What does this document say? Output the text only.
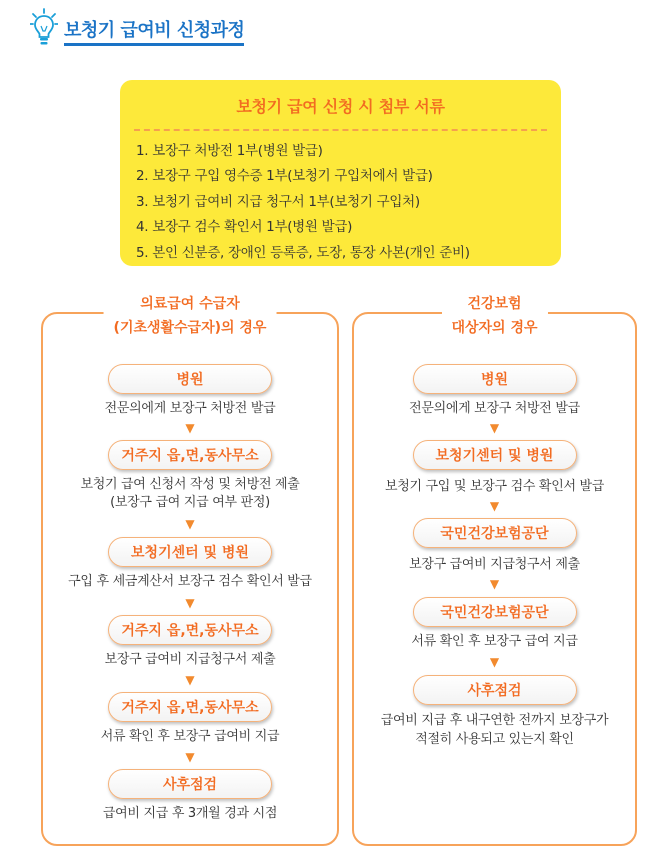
보청기 급여비 신청과정
보청기 급여 신청 시 첨부 서류
1. 보장구 처방전 1부(병원 발급)
2. 보장구 구입 영수증 1부(보청기 구입처에서 발급)
3. 보청기 급여비 지급 청구서 1부(보청기 구입처)
4. 보장구 검수 확인서 1부(병원 발급)
5. 본인 신분증, 장애인 등록증, 도장, 통장 사본(개인 준비)
의료급여 수급자
(기초생활수급자)의 경우
병원
전문의에게 보장구 처방전 발급
▼
거주지 읍,면,동사무소
보청기 급여 신청서 작성 및 처방전 제출
(보장구 급여 지급 여부 판정)
▼
보청기센터 및 병원
구입 후 세금계산서 보장구 검수 확인서 발급
▼
거주지 읍,면,동사무소
보장구 급여비 지급청구서 제출
▼
거주지 읍,면,동사무소
서류 확인 후 보장구 급여비 지급
▼
사후점검
급여비 지급 후 3개월 경과 시점
건강보험
대상자의 경우
병원
전문의에게 보장구 처방전 발급
▼
보청기센터 및 병원
보청기 구입 및 보장구 검수 확인서 발급
▼
국민건강보험공단
보장구 급여비 지급청구서 제출
▼
국민건강보험공단
서류 확인 후 보장구 급여 지급
▼
사후점검
급여비 지급 후 내구연한 전까지 보장구가
적절히 사용되고 있는지 확인
